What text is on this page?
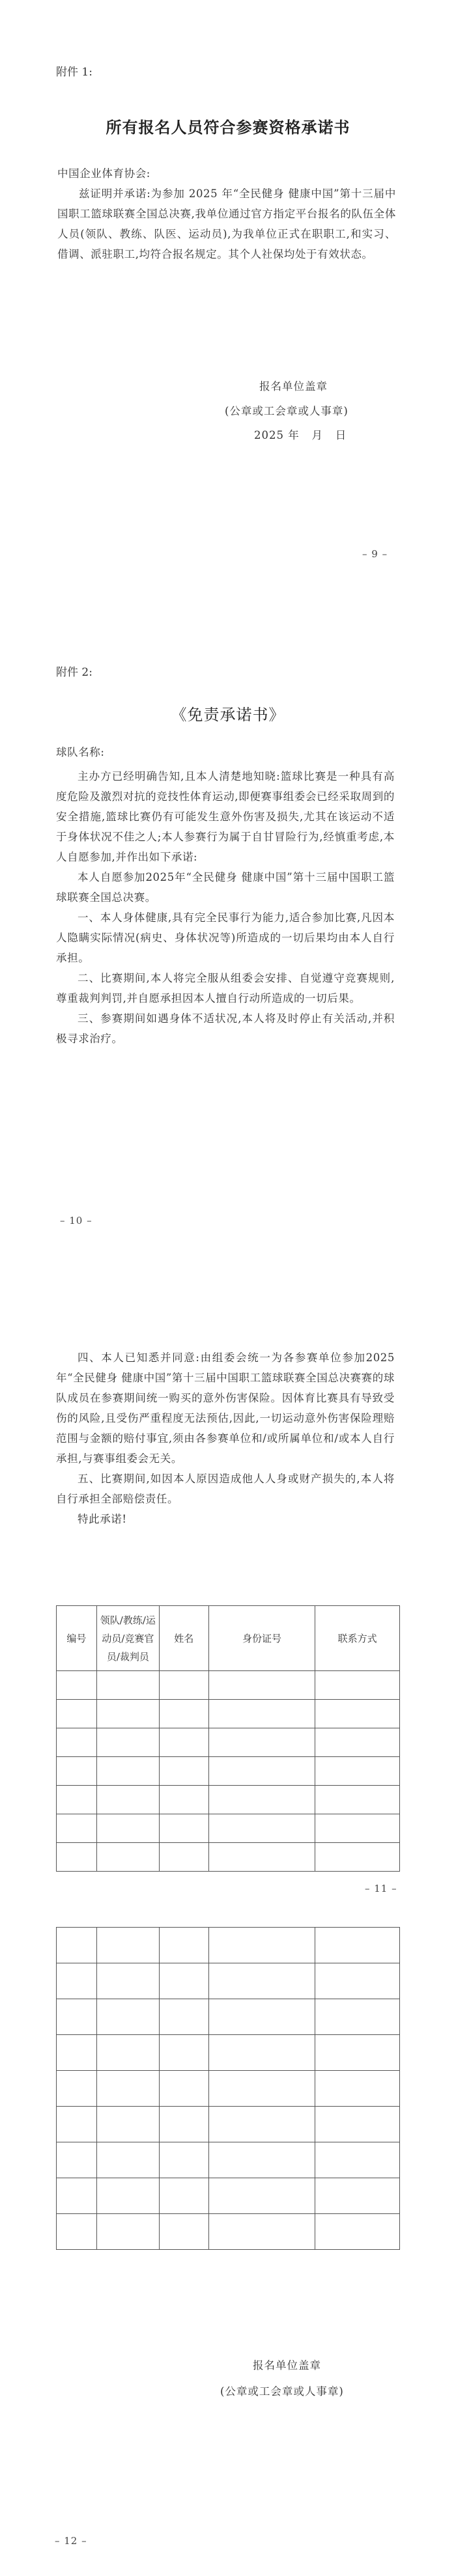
附件 1:
所有报名人员符合参赛资格承诺书

中国企业体育协会:

兹证明并承诺:为参加 2025 年“全民健身 健康中国”第十三届中国职工篮球联赛全国总决赛,我单位通过官方指定平台报名的队伍全体人员(领队、教练、队医、运动员),为我单位正式在职职工,和实习、借调、派驻职工,均符合报名规定。其个人社保均处于有效状态。

报名单位盖章
(公章或工会章或人事章)
2025 年   月   日
– 9 –
附件 2:
《免责承诺书》

球队名称:

主办方已经明确告知,且本人清楚地知晓:篮球比赛是一种具有高度危险及激烈对抗的竞技性体育运动,即便赛事组委会已经采取周到的安全措施,篮球比赛仍有可能发生意外伤害及损失,尤其在该运动不适于身体状况不佳之人;本人参赛行为属于自甘冒险行为,经慎重考虑,本人自愿参加,并作出如下承诺:

本人自愿参加2025年“全民健身 健康中国”第十三届中国职工篮球联赛全国总决赛。

一、本人身体健康,具有完全民事行为能力,适合参加比赛,凡因本人隐瞒实际情况(病史、身体状况等)所造成的一切后果均由本人自行承担。

二、比赛期间,本人将完全服从组委会安排、自觉遵守竞赛规则,尊重裁判判罚,并自愿承担因本人擅自行动所造成的一切后果。

三、参赛期间如遇身体不适状况,本人将及时停止有关活动,并积极寻求治疗。

– 10 –

四、本人已知悉并同意:由组委会统一为各参赛单位参加2025年“全民健身 健康中国”第十三届中国职工篮球联赛全国总决赛赛的球队成员在参赛期间统一购买的意外伤害保险。因体育比赛具有导致受伤的风险,且受伤严重程度无法预估,因此,一切运动意外伤害保险理赔范围与金额的赔付事宜,须由各参赛单位和/或所属单位和/或本人自行承担,与赛事组委会无关。

五、比赛期间,如因本人原因造成他人人身或财产损失的,本人将自行承担全部赔偿责任。

特此承诺!

编号	领队/教练/运动员/竞赛官员/裁判员	姓名	身份证号	联系方式

– 11 –

报名单位盖章
(公章或工会章或人事章)
– 12 –
